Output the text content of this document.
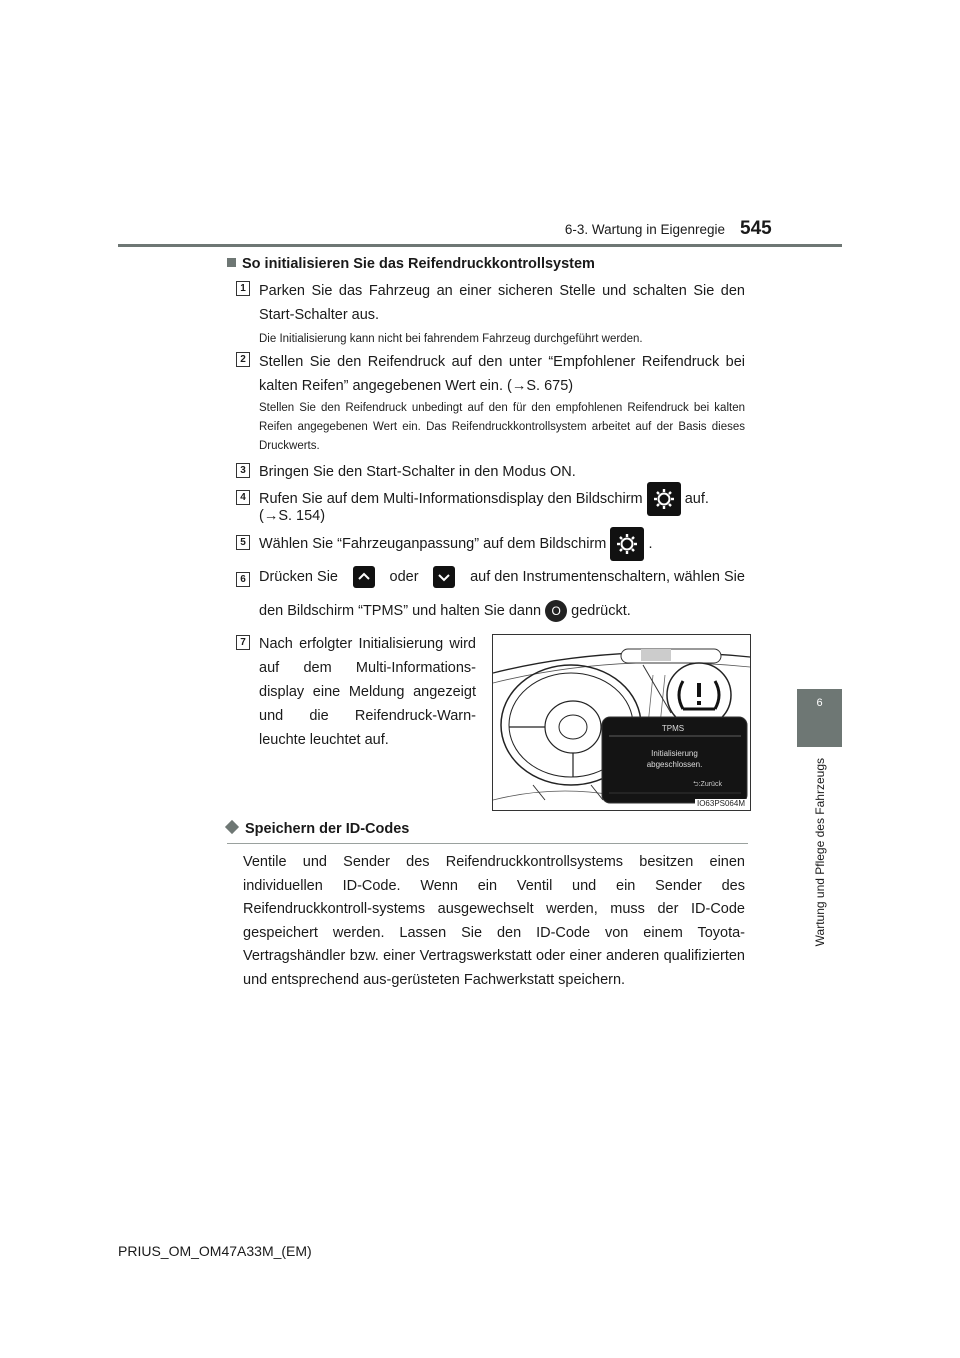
6-3. Wartung in Eigenregie 545
6
Wartung und Pflege des Fahrzeugs
So initialisieren Sie das Reifendruckkontrollsystem
1 Parken Sie das Fahrzeug an einer sicheren Stelle und schalten Sie den Start-Schalter aus.
Die Initialisierung kann nicht bei fahrendem Fahrzeug durchgeführt werden.
2 Stellen Sie den Reifendruck auf den unter “Empfohlener Reifendruck bei kalten Reifen” angegebenen Wert ein. (→S. 675)
Stellen Sie den Reifendruck unbedingt auf den für den empfohlenen Reifendruck bei kalten Reifen angegebenen Wert ein. Das Reifendruckkontrollsystem arbeitet auf der Basis dieses Druckwerts.
3 Bringen Sie den Start-Schalter in den Modus ON.
4 Rufen Sie auf dem Multi-Informationsdisplay den Bildschirm	auf.
(→S. 154)
5 Wählen Sie “Fahrzeuganpassung” auf dem Bildschirm	.
6 Drücken Sie	oder	auf den Instrumentenschaltern, wählen Sie
den Bildschirm “TPMS” und halten Sie dann O gedrückt.
7 Nach erfolgter Initialisierung wird auf dem Multi-Informations-display eine Meldung angezeigt und die Reifendruck-Warn-leuchte leuchtet auf.
TPMS
Initialisierung
abgeschlossen.
⮌:Zurück
IO63PS064M
Speichern der ID-Codes
Ventile und Sender des Reifendruckkontrollsystems besitzen einen individuellen ID-Code. Wenn ein Ventil und ein Sender des Reifendruckkontroll-systems ausgewechselt werden, muss der ID-Code gespeichert werden. Lassen Sie den ID-Code von einem Toyota-Vertragshändler bzw. einer Vertragswerkstatt oder einer anderen qualifizierten und entsprechend aus-gerüsteten Fachwerkstatt speichern.
PRIUS_OM_OM47A33M_(EM)
